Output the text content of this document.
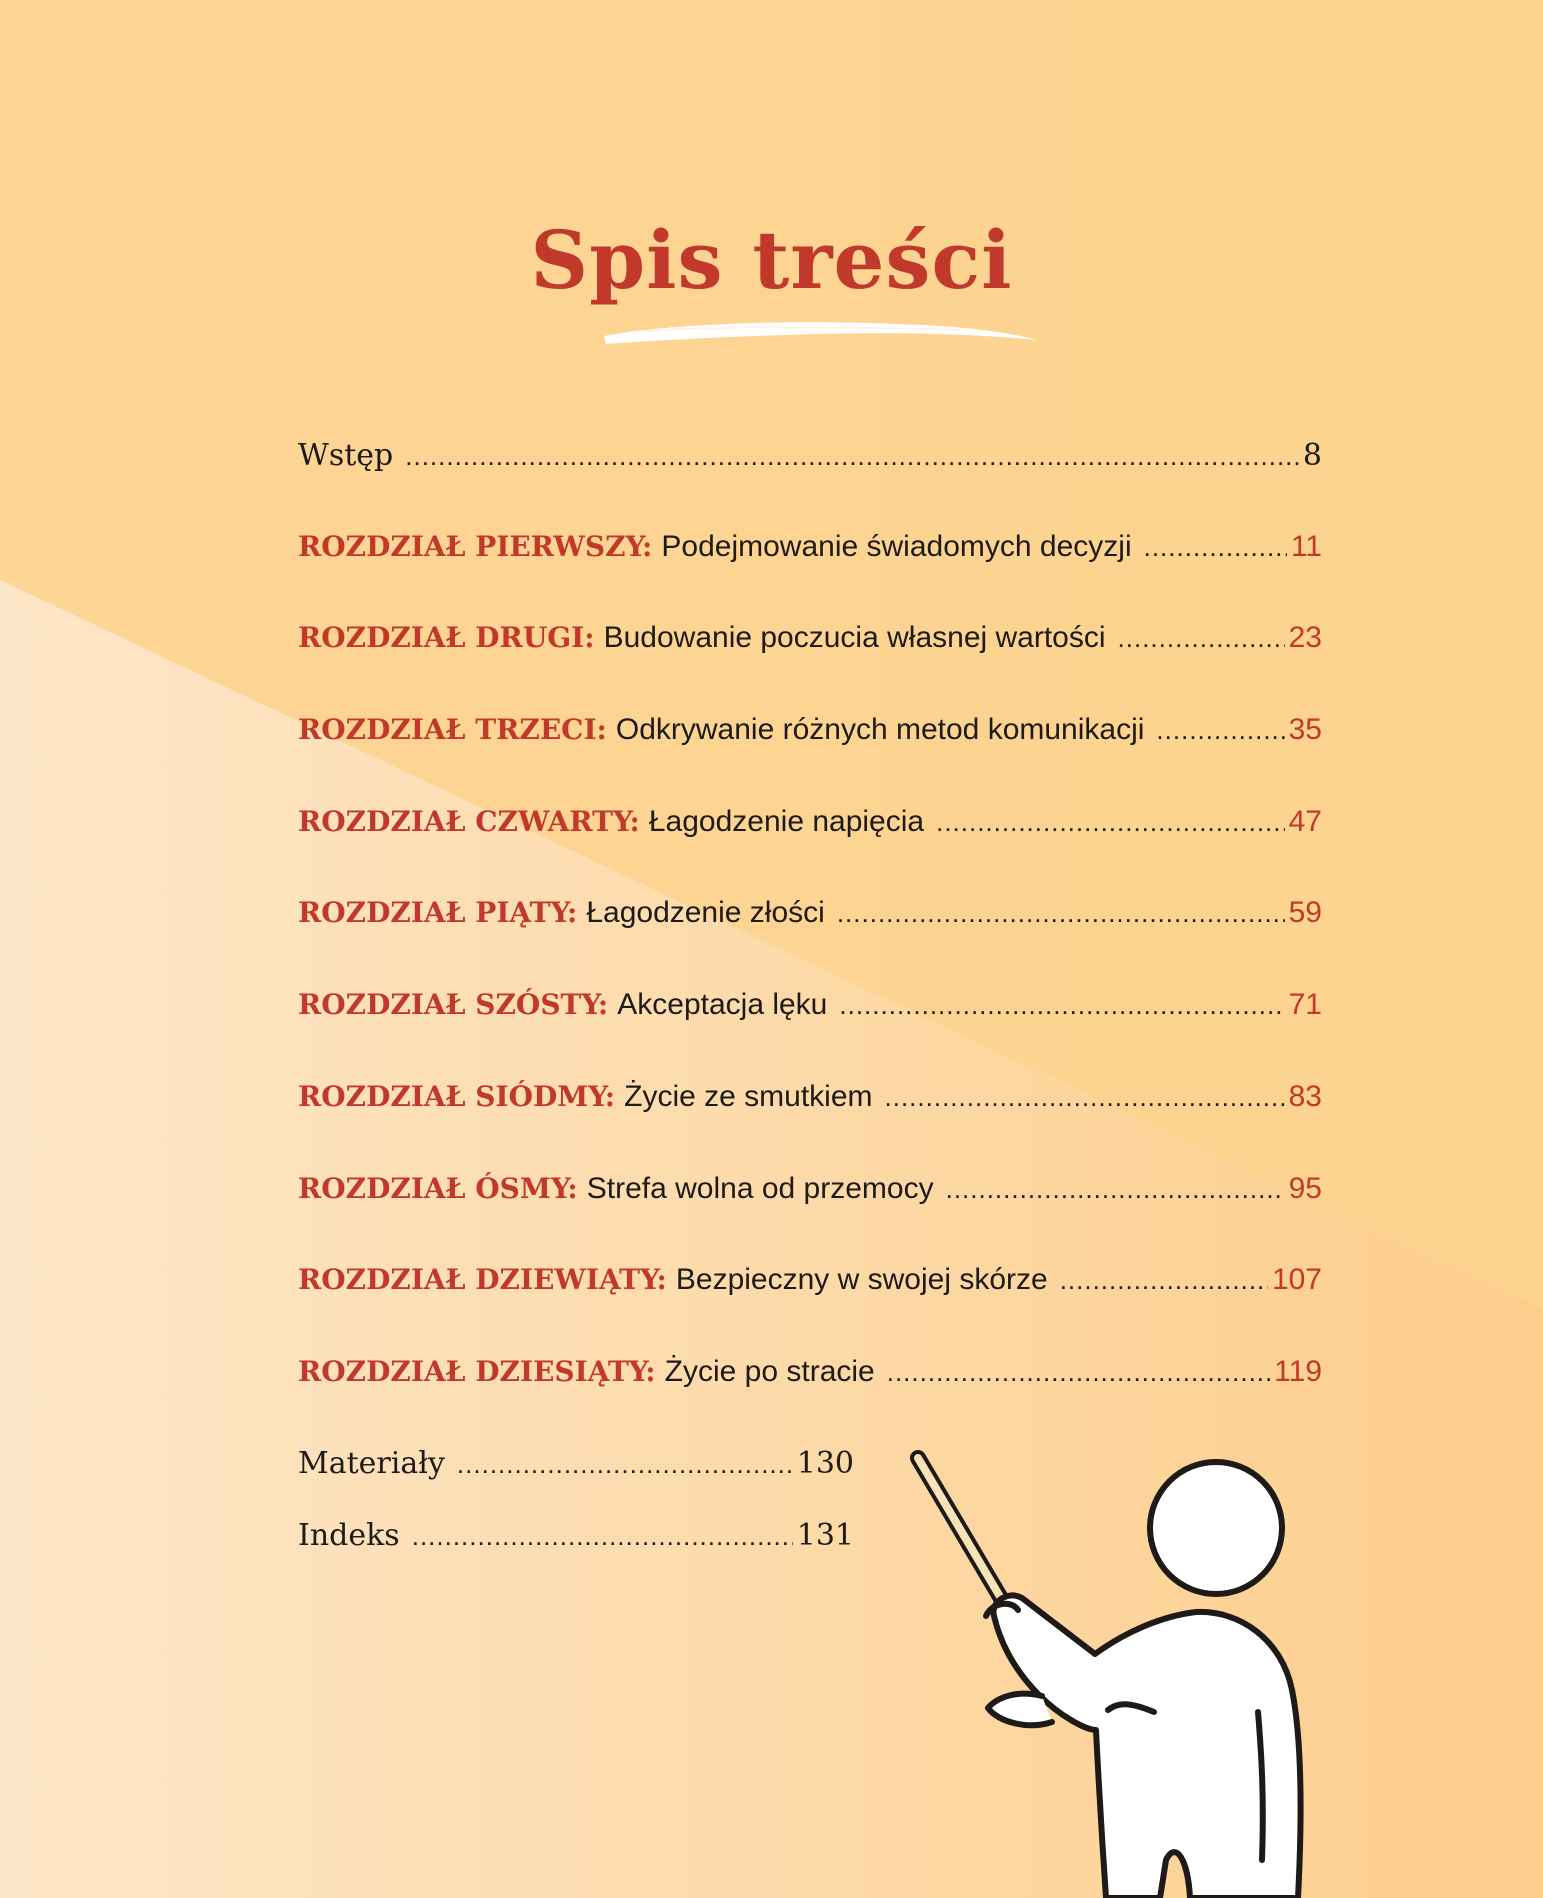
Spis treści
Wstęp .....	8
ROZDZIAŁ PIERWSZY: Podejmowanie świadomych decyzji .....	11
ROZDZIAŁ DRUGI: Budowanie poczucia własnej wartości .....	23
ROZDZIAŁ TRZECI: Odkrywanie różnych metod komunikacji .....	35
ROZDZIAŁ CZWARTY: Łagodzenie napięcia .....	47
ROZDZIAŁ PIĄTY: Łagodzenie złości .....	59
ROZDZIAŁ SZÓSTY: Akceptacja lęku .....	71
ROZDZIAŁ SIÓDMY: Życie ze smutkiem .....	83
ROZDZIAŁ ÓSMY: Strefa wolna od przemocy .....	95
ROZDZIAŁ DZIEWIĄTY: Bezpieczny w swojej skórze .....	107
ROZDZIAŁ DZIESIĄTY: Życie po stracie .....	119
Materiały .....	130
Indeks .....	131
